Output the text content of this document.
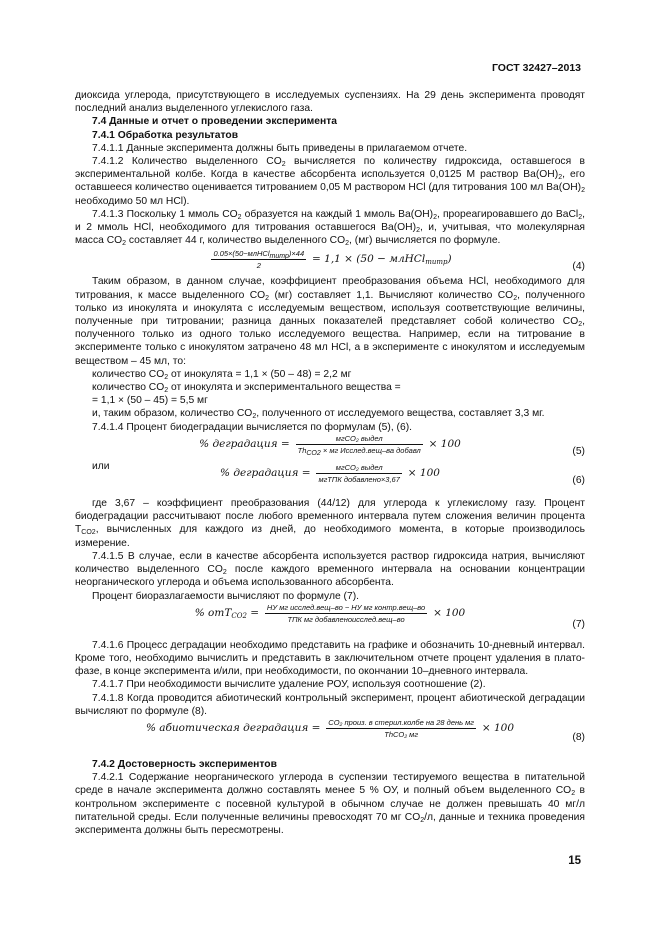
ГОСТ 32427–2013

диоксида углерода, присутствующего в исследуемых суспензиях. На 29 день эксперимента проводят последний анализ выделенного углекислого газа.

7.4 Данные и отчет о проведении эксперимента

7.4.1 Обработка результатов

7.4.1.1 Данные эксперимента должны быть приведены в прилагаемом отчете.

7.4.1.2 Количество выделенного $CO_2$ вычисляется по количеству гидроксида, оставшегося в экспериментальной колбе. Когда в качестве абсорбента используется 0,0125 М раствор $Ba(OH)_2$, его оставшееся количество оценивается титрованием 0,05 М раствором HCl (для титрования 100 мл $Ba(OH)_2$ необходимо 50 мл HCl).

7.4.1.3 Поскольку 1 ммоль $CO_2$ образуется на каждый 1 ммоль $Ba(OH)_2$, прореагировавшего до BaCl$_2$, и 2 ммоль HCl, необходимого для титрования оставшегося $Ba(OH)_2$, и, учитывая, что молекулярная масса $CO_2$ составляет 44 г, количество выделенного $CO_2$, (мг) вычисляется по формуле.

$\frac{\text{0.05×(50−млHClтитр)×44}}{2} = 1,1 \times (50$ − млHCl$_{титр}$)
(4)

Таким образом, в данном случае, коэффициент преобразования объема HCl, необходимого для титрования, к массе выделенного $CO_2$ (мг) составляет 1,1. Вычисляют количество $CO_2$, полученного только из инокулята и инокулята с исследуемым веществом, используя соответствующие величины, полученные при титровании; разница данных показателей представляет собой количество $CO_2$, полученного только из одного только исследуемого вещества. Например, если на титрование в эксперименте только с инокулятом затрачено 48 мл HCl, а в эксперименте с инокулятом и исследуемым веществом – 45 мл, то:

количество $CO_2$ от инокулята = 1,1 × (50 – 48) = 2,2 мг

количество $CO_2$ от инокулята и экспериментального вещества =

= 1,1 × (50 – 45) = 5,5 мг

и, таким образом, количество $CO_2$, полученного от исследуемого вещества, составляет 3,3 мг.

7.4.1.4 Процент биодеградации вычисляется по формулам (5), (6).

% деградация = $\frac{\text{мгCO₂ выдел}}{\text{ThCO2 × мг Исслед.вещ–ва добавл}} \times 100$
(5)

или

% деградация = $\frac{\text{мгCO₂ выдел}}{\text{мгТПК добавлено×3,67}} \times 100$
(6)

где 3,67 – коэффициент преобразования (44/12) для углерода к углекислому газу. Процент биодеградации рассчитывают после любого временного интервала путем сложения величин процента $T_{CO2}$, вычисленных для каждого из дней, до необходимого момента, в которые производилось измерение.

7.4.1.5 В случае, если в качестве абсорбента используется раствор гидроксида натрия, вычисляют количество выделенного $CO_2$ после каждого временного интервала на основании концентрации неорганического углерода и объема использованного абсорбента.

Процент биоразлагаемости вычисляют по формуле (7).

% $отT_{CO2} = \frac{\text{НУ мг исслед.вещ–во − НУ мг контр.вещ–во}}{\text{ТПК мг добавленоисслед.вещ–во}} \times 100$
(7)

7.4.1.6 Процесс деградации необходимо представить на графике и обозначить 10-дневный интервал. Кроме того, необходимо вычислить и представить в заключительном отчете процент удаления в плато-фазе, в конце эксперимента и/или, при необходимости, по окончании 10–дневного интервала.

7.4.1.7 При необходимости вычислите удаление РОУ, используя соотношение (2).

7.4.1.8 Когда проводится абиотический контрольный эксперимент, процент абиотической деградации вычисляют по формуле (8).

% абиотическая деградация = $\frac{\text{CO₂ произ. в стерил.колбе на 28 день мг}}{\text{ThCO₂ мг}} \times 100$
(8)

7.4.2 Достоверность экспериментов

7.4.2.1 Содержание неорганического углерода в суспензии тестируемого вещества в питательной среде в начале эксперимента должно составлять менее 5 % ОУ, и полный объем выделенного $CO_2$ в контрольном эксперименте с посевной культурой в обычном случае не должен превышать 40 мг/л питательной среды. Если полученные величины превосходят 70 мг $CO_2/л$, данные и техника проведения эксперимента должны быть пересмотрены.

15
